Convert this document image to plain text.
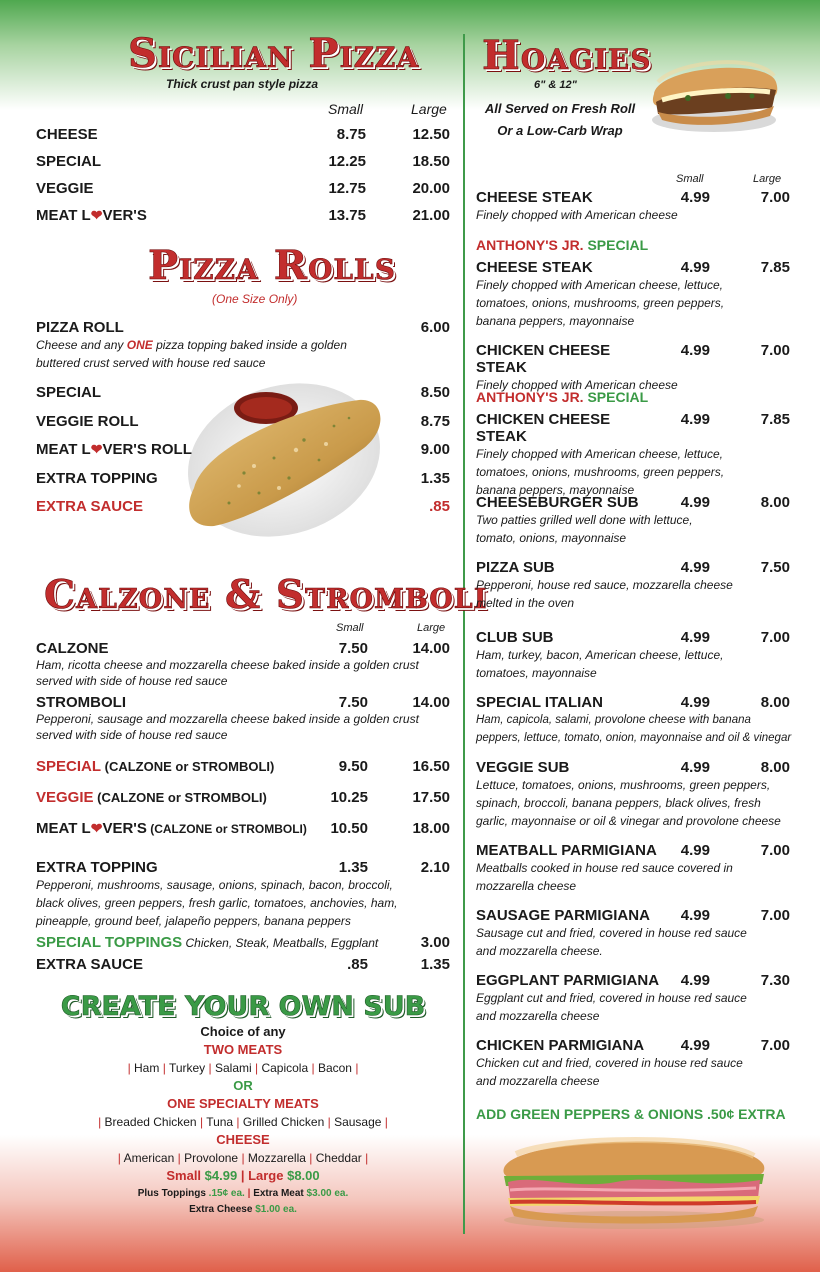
Sicilian Pizza
Thick crust pan style pizza
Small	Large
CHEESE	8.75	12.50
SPECIAL	12.25	18.50
VEGGIE	12.75	20.00
MEAT L❤VER'S	13.75	21.00
Pizza Rolls
(One Size Only)
PIZZA ROLL	6.00
Cheese and any ONE pizza topping baked inside a golden
buttered crust served with house red sauce
SPECIAL	8.50
VEGGIE ROLL	8.75
MEAT L❤VER'S ROLL	9.00
EXTRA TOPPING	1.35
EXTRA SAUCE	.85
Calzone & Stromboli
Small	Large
CALZONE	7.50	14.00
Ham, ricotta cheese and mozzarella cheese baked inside a golden crust
served with side of house red sauce
STROMBOLI	7.50	14.00
Pepperoni, sausage and mozzarella cheese baked inside a golden crust
served with side of house red sauce
SPECIAL (CALZONE or STROMBOLI)	9.50	16.50
VEGGIE (CALZONE or STROMBOLI)	10.25	17.50
MEAT L❤VER'S (CALZONE or STROMBOLI)	10.50	18.00
EXTRA TOPPING	1.35	2.10
Pepperoni, mushrooms, sausage, onions, spinach, bacon, broccoli,
black olives, green peppers, fresh garlic, tomatoes, anchovies, ham,
pineapple, ground beef, jalapeño peppers, banana peppers
SPECIAL TOPPINGS Chicken, Steak, Meatballs, Eggplant	3.00
EXTRA SAUCE	.85	1.35
CREATE YOUR OWN SUB
Choice of any
TWO MEATS
| Ham | Turkey | Salami | Capicola | Bacon |
OR
ONE SPECIALTY MEATS
| Breaded Chicken | Tuna | Grilled Chicken | Sausage |
CHEESE
| American | Provolone | Mozzarella | Cheddar |
Small $4.99 | Large $8.00
Plus Toppings .15¢ ea. | Extra Meat $3.00 ea.
Extra Cheese $1.00 ea.
Hoagies
6" & 12"
All Served on Fresh Roll
Or a Low-Carb Wrap
Small	Large
CHEESE STEAK	4.99	7.00
Finely chopped with American cheese
ANTHONY'S JR. SPECIAL
CHEESE STEAK	4.99	7.85
Finely chopped with American cheese, lettuce,
tomatoes, onions, mushrooms, green peppers,
banana peppers, mayonnaise
CHICKEN CHEESE STEAK
4.99	7.00
Finely chopped with American cheese
ANTHONY'S JR. SPECIAL
CHICKEN CHEESE STEAK
4.99	7.85
Finely chopped with American cheese, lettuce,
tomatoes, onions, mushrooms, green peppers,
banana peppers, mayonnaise
CHEESEBURGER SUB	4.99	8.00
Two patties grilled well done with lettuce,
tomato, onions, mayonnaise
PIZZA SUB	4.99	7.50
Pepperoni, house red sauce, mozzarella cheese
melted in the oven
CLUB SUB	4.99	7.00
Ham, turkey, bacon, American cheese, lettuce,
tomatoes, mayonnaise
SPECIAL ITALIAN	4.99	8.00
Ham, capicola, salami, provolone cheese with banana
peppers, lettuce, tomato, onion, mayonnaise and oil & vinegar
VEGGIE SUB	4.99	8.00
Lettuce, tomatoes, onions, mushrooms, green peppers,
spinach, broccoli, banana peppers, black olives, fresh
garlic, mayonnaise or oil & vinegar and provolone cheese
MEATBALL PARMIGIANA	4.99	7.00
Meatballs cooked in house red sauce covered in
mozzarella cheese
SAUSAGE PARMIGIANA	4.99	7.00
Sausage cut and fried, covered in house red sauce
and mozzarella cheese.
EGGPLANT PARMIGIANA	4.99	7.30
Eggplant cut and fried, covered in house red sauce
and mozzarella cheese
CHICKEN PARMIGIANA	4.99	7.00
Chicken cut and fried, covered in house red sauce
and mozzarella cheese
ADD GREEN PEPPERS & ONIONS .50¢ EXTRA
